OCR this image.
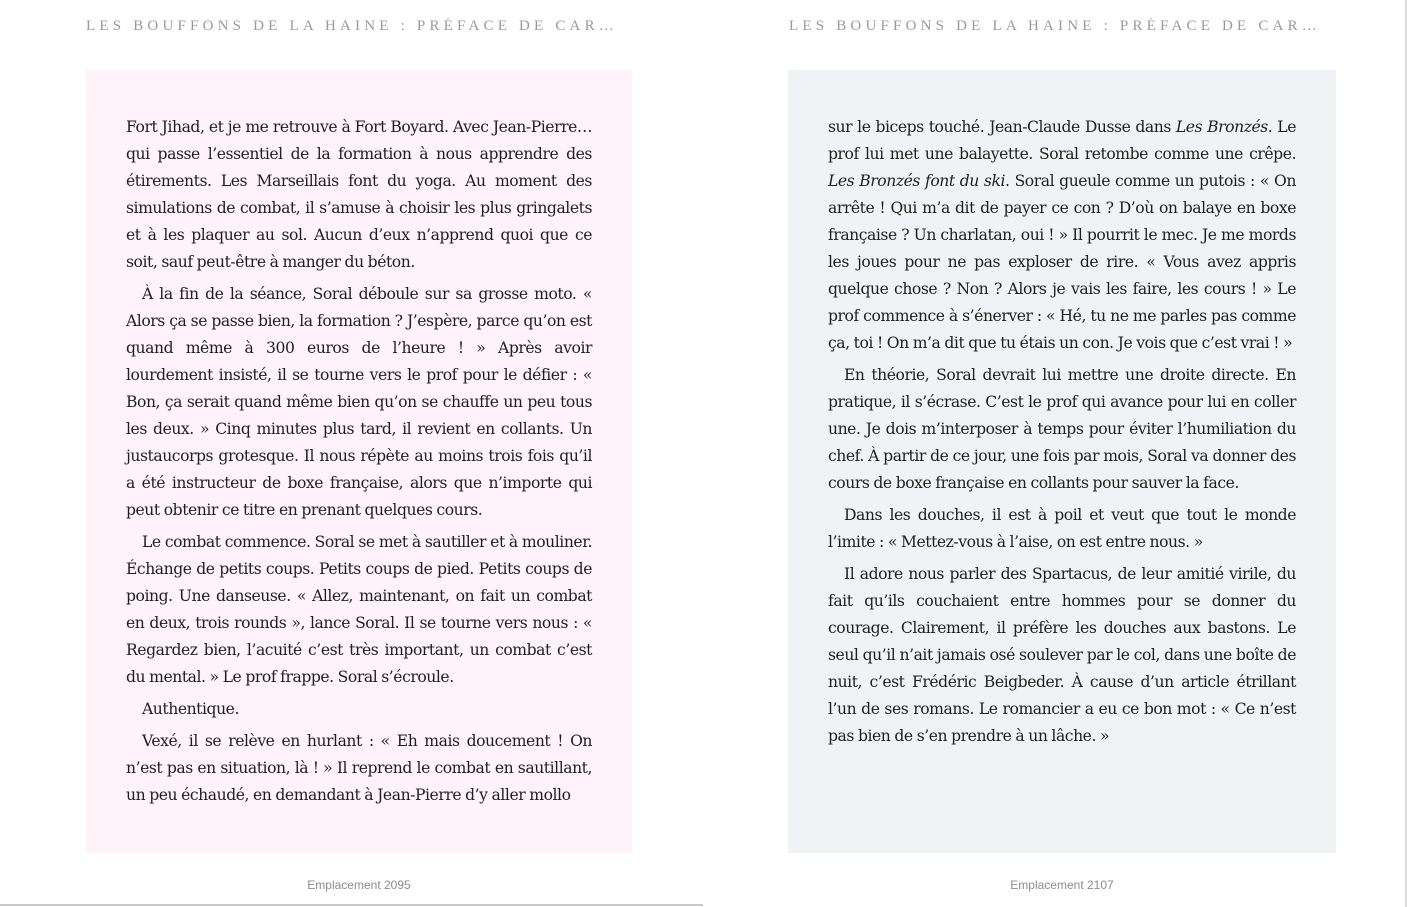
LES BOUFFONS DE LA HAINE : PRÉFACE DE CAR…	LES BOUFFONS DE LA HAINE : PRÉFACE DE CAR…

Fort Jihad, et je me retrouve à Fort Boyard. Avec Jean-Pierre… qui passe l’essentiel de la formation à nous apprendre des étirements. Les Marseillais font du yoga. Au moment des simulations de combat, il s’amuse à choisir les plus gringalets et à les plaquer au sol. Aucun d’eux n’apprend quoi que ce soit, sauf peut-être à manger du béton.

À la fin de la séance, Soral déboule sur sa grosse moto. « Alors ça se passe bien, la formation ? J’espère, parce qu’on est quand même à 300 euros de l’heure ! » Après avoir lourdement insisté, il se tourne vers le prof pour le défier : « Bon, ça serait quand même bien qu’on se chauffe un peu tous les deux. » Cinq minutes plus tard, il revient en collants. Un justaucorps grotesque. Il nous répète au moins trois fois qu’il a été instructeur de boxe française, alors que n’importe qui peut obtenir ce titre en prenant quelques cours.

Le combat commence. Soral se met à sautiller et à mouliner. Échange de petits coups. Petits coups de pied. Petits coups de poing. Une danseuse. « Allez, maintenant, on fait un combat en deux, trois rounds », lance Soral. Il se tourne vers nous : « Regardez bien, l’acuité c’est très important, un combat c’est du mental. » Le prof frappe. Soral s’écroule.

Authentique.

Vexé, il se relève en hurlant : « Eh mais doucement ! On n’est pas en situation, là ! » Il reprend le combat en sautillant, un peu échaudé, en demandant à Jean-Pierre d’y aller mollo

sur le biceps touché. Jean-Claude Dusse dans Les Bronzés. Le prof lui met une balayette. Soral retombe comme une crêpe. Les Bronzés font du ski. Soral gueule comme un putois : « On arrête ! Qui m’a dit de payer ce con ? D’où on balaye en boxe française ? Un charlatan, oui ! » Il pourrit le mec. Je me mords les joues pour ne pas exploser de rire. « Vous avez appris quelque chose ? Non ? Alors je vais les faire, les cours ! » Le prof commence à s’énerver : « Hé, tu ne me parles pas comme ça, toi ! On m’a dit que tu étais un con. Je vois que c’est vrai ! »

En théorie, Soral devrait lui mettre une droite directe. En pratique, il s’écrase. C’est le prof qui avance pour lui en coller une. Je dois m’interposer à temps pour éviter l’humiliation du chef. À partir de ce jour, une fois par mois, Soral va donner des cours de boxe française en collants pour sauver la face.

Dans les douches, il est à poil et veut que tout le monde l’imite : « Mettez-vous à l’aise, on est entre nous. »

Il adore nous parler des Spartacus, de leur amitié virile, du fait qu’ils couchaient entre hommes pour se donner du courage. Clairement, il préfère les douches aux bastons. Le seul qu’il n’ait jamais osé soulever par le col, dans une boîte de nuit, c’est Frédéric Beigbeder. À cause d’un article étrillant l’un de ses romans. Le romancier a eu ce bon mot : « Ce n’est pas bien de s’en prendre à un lâche. »

Emplacement 2095	Emplacement 2107
